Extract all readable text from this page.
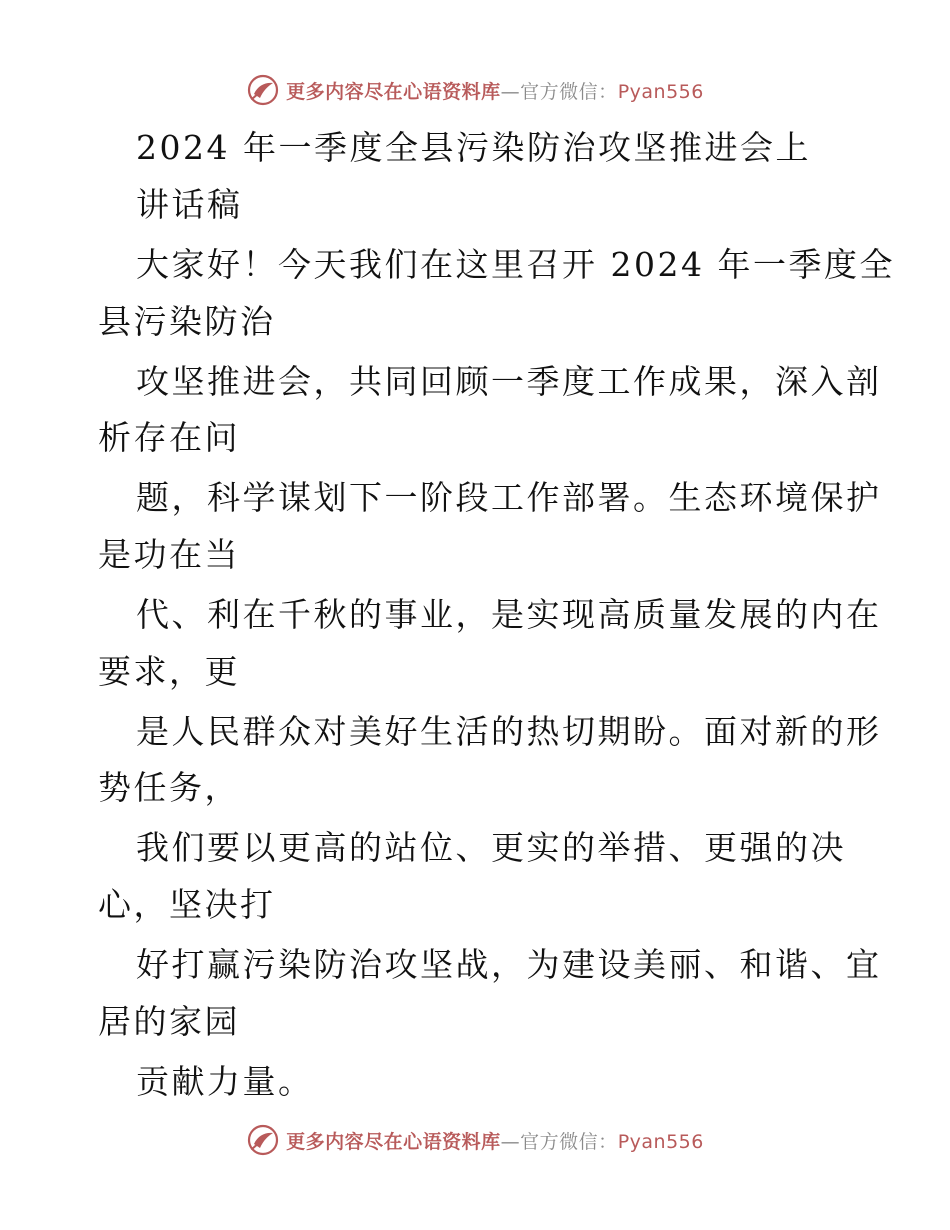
更多内容尽在心语资料库—官方微信：Pyan556
2024 年一季度全县污染防治攻坚推进会上
讲话稿
大家好！今天我们在这里召开 2024 年一季度全
县污染防治
攻坚推进会，共同回顾一季度工作成果，深入剖
析存在问
题，科学谋划下一阶段工作部署。生态环境保护
是功在当
代、利在千秋的事业，是实现高质量发展的内在
要求，更
是人民群众对美好生活的热切期盼。面对新的形
势任务，
我们要以更高的站位、更实的举措、更强的决
心，坚决打
好打赢污染防治攻坚战，为建设美丽、和谐、宜
居的家园
贡献力量。
更多内容尽在心语资料库—官方微信：Pyan556
